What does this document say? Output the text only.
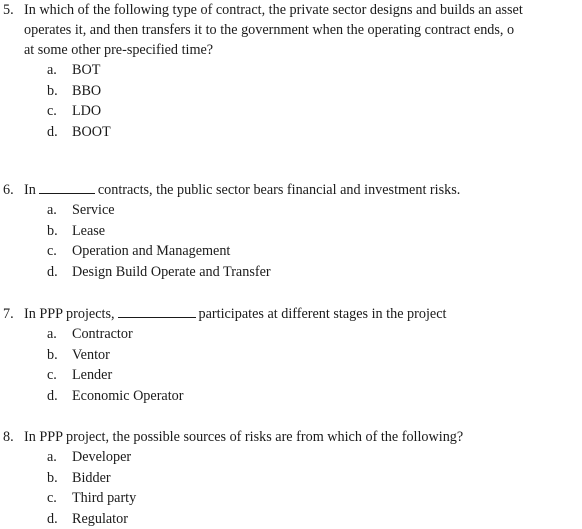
5. In which of the following type of contract, the private sector designs and builds an asset
operates it, and then transfers it to the government when the operating contract ends, o
at some other pre-specified time?
a. BOT
b. BBO
c. LDO
d. BOOT
6. In	contracts, the public sector bears financial and investment risks.
a. Service
b. Lease
c. Operation and Management
d. Design Build Operate and Transfer
7. In PPP projects,	participates at different stages in the project
a. Contractor
b. Ventor
c. Lender
d. Economic Operator
8. In PPP project, the possible sources of risks are from which of the following?
a. Developer
b. Bidder
c. Third party
d. Regulator
